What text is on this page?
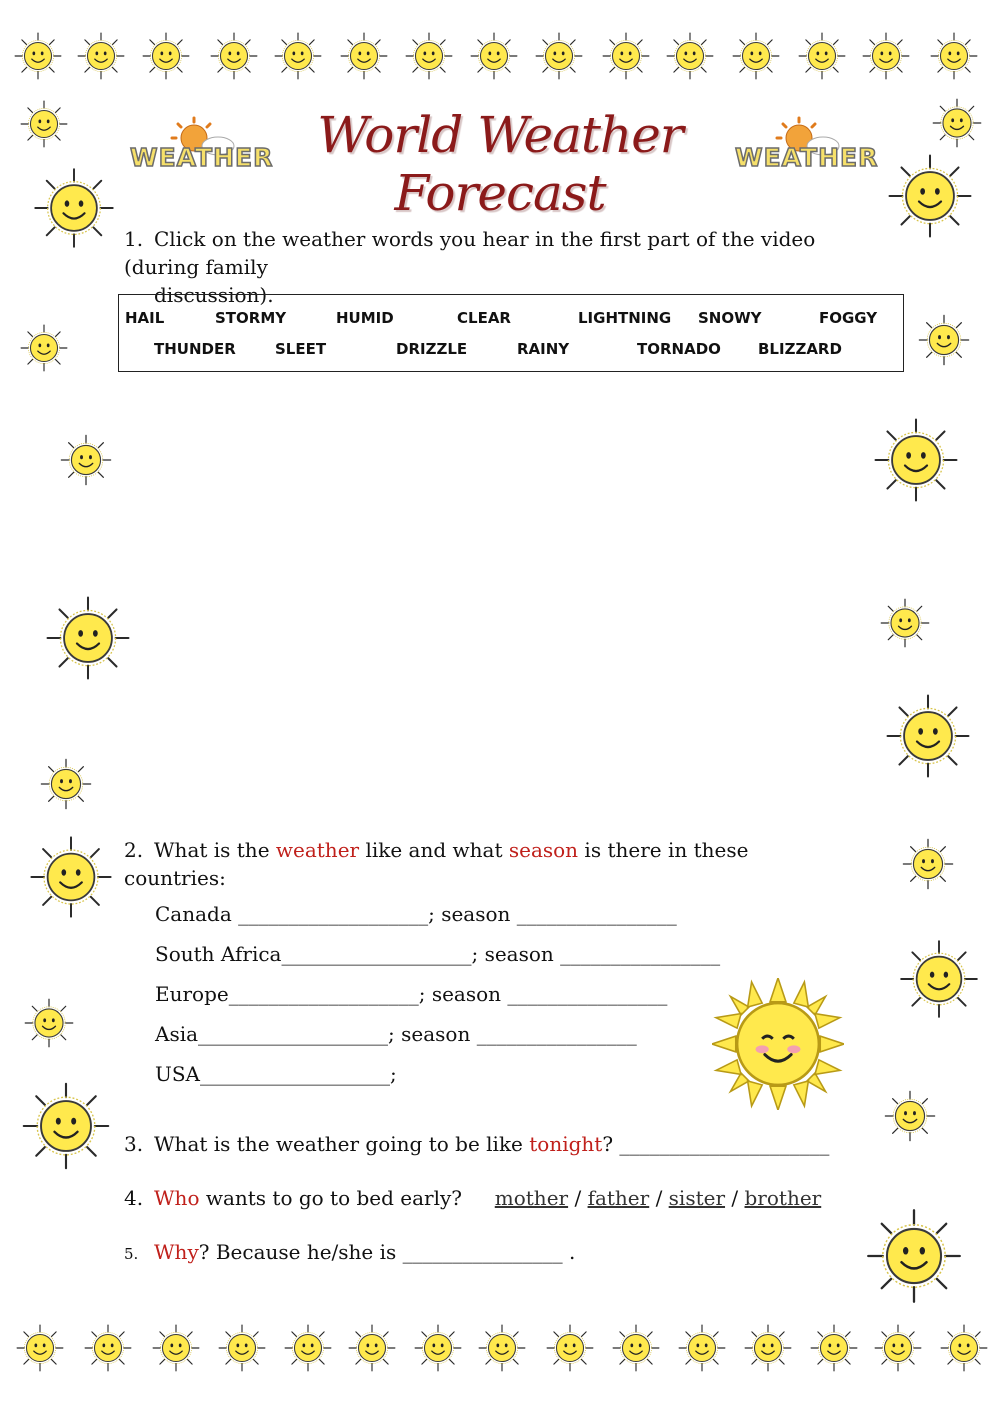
WEATHER World Weather Forecast
WEATHER
1. Click on the weather words you hear in the first part of the video (during family
discussion).
HAIL	STORMY	HUMID	CLEAR	LIGHTNING SNOWY	FOGGY
THUNDER	SLEET	DRIZZLE	RAINY	TORNADO BLIZZARD
2. What is the weather like and what season is there in these countries:
Canada ___________________; season ________________
South Africa___________________; season ________________
Europe___________________; season ________________
Asia___________________; season ________________
USA___________________;
3. What is the weather going to be like tonight? _____________________
4. Who wants to go to bed early? mother / father / sister / brother
5. Why? Because he/she is ________________ .
